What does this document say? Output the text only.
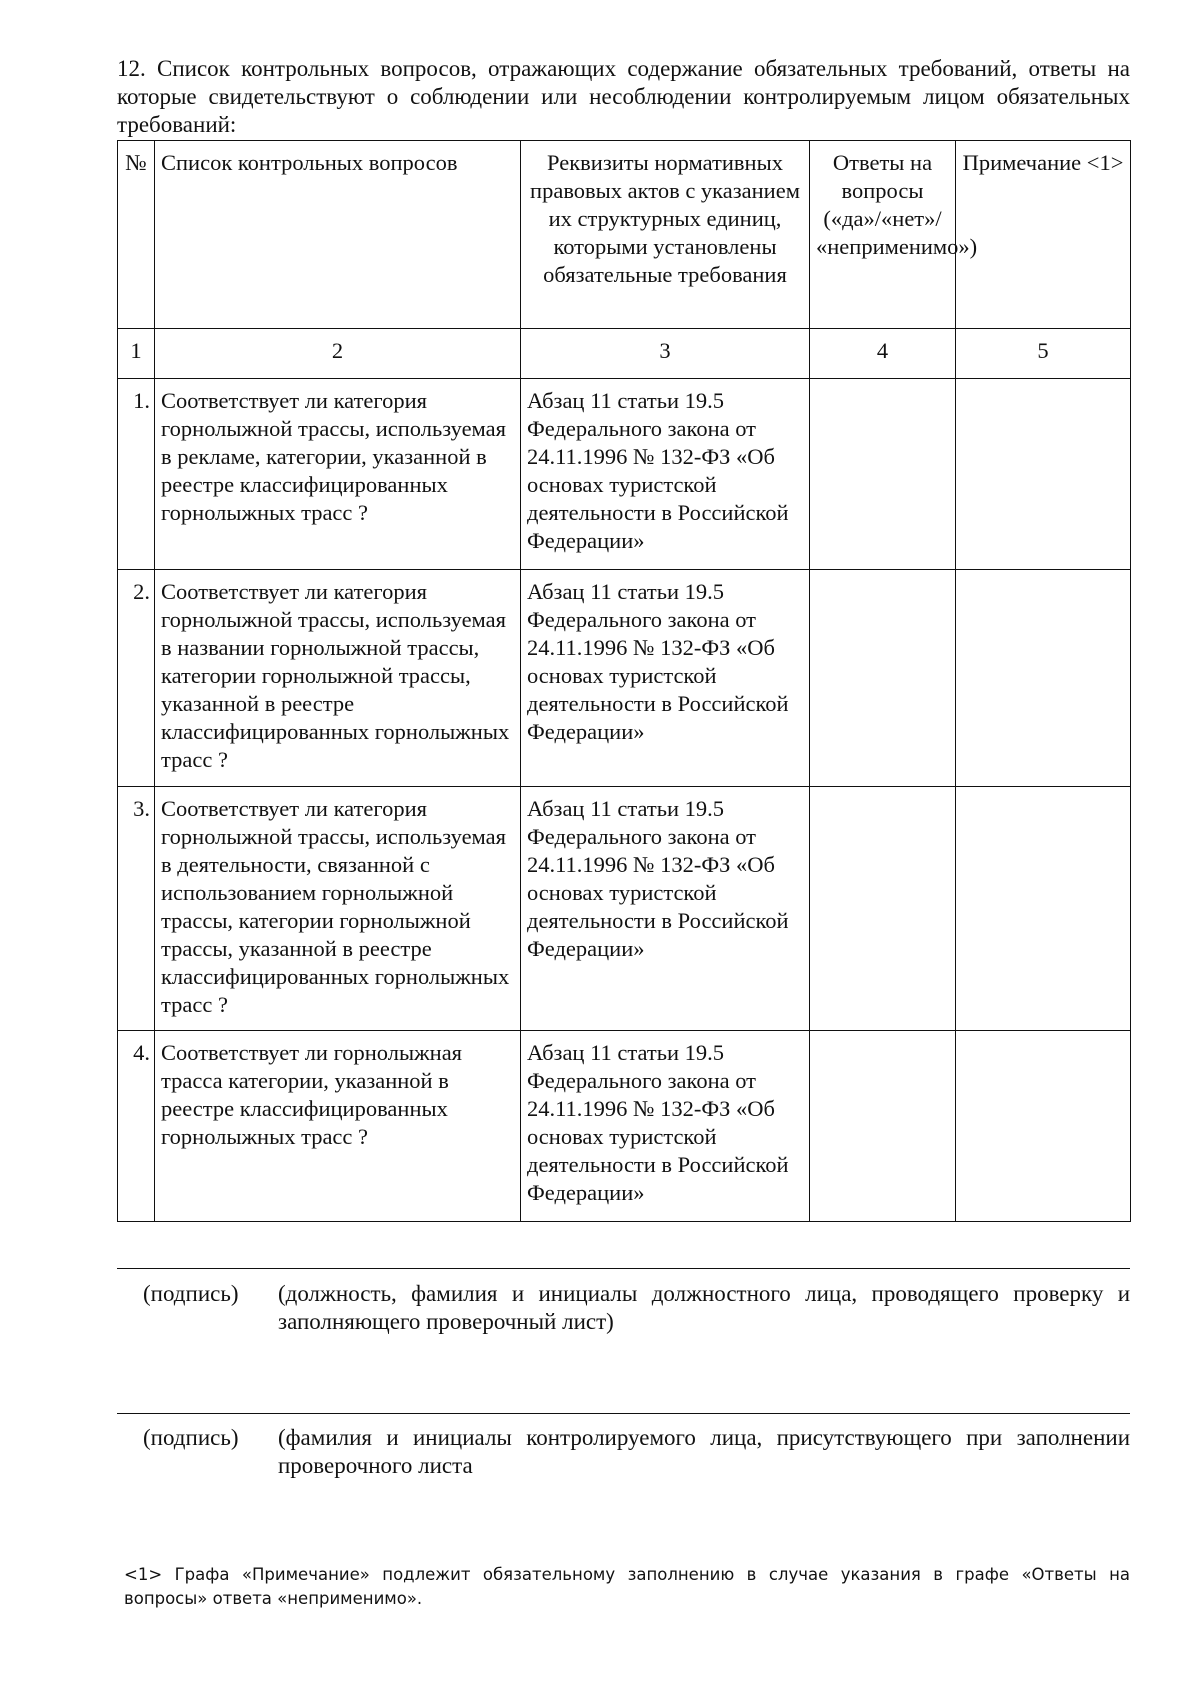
12. Список контрольных вопросов, отражающих содержание обязательных требований, ответы на которые свидетельствуют о соблюдении или несоблюдении контролируемым лицом обязательных требований:
№	Список контрольных вопросов	Реквизиты нормативных правовых актов с указанием их структурных единиц, которыми установлены обязательные требования	Ответы на вопросы («да»/«нет»/ «неприменимо»)	Примечание <1>
1	2	3	4	5
1.	Соответствует ли категория горнолыжной трассы, используемая в рекламе, категории, указанной в реестре классифицированных горнолыжных трасс ?	Абзац 11 статьи 19.5 Федерального закона от 24.11.1996 № 132-ФЗ «Об основах туристской деятельности в Российской Федерации»		
2.	Соответствует ли категория горнолыжной трассы, используемая в названии горнолыжной трассы, категории горнолыжной трассы, указанной в реестре классифицированных горнолыжных трасс ?	Абзац 11 статьи 19.5 Федерального закона от 24.11.1996 № 132-ФЗ «Об основах туристской деятельности в Российской Федерации»		
3.	Соответствует ли категория горнолыжной трассы, используемая в деятельности, связанной с использованием горнолыжной трассы, категории горнолыжной трассы, указанной в реестре классифицированных горнолыжных трасс ?	Абзац 11 статьи 19.5 Федерального закона от 24.11.1996 № 132-ФЗ «Об основах туристской деятельности в Российской Федерации»		
4.	Соответствует ли горнолыжная трасса категории, указанной в реестре классифицированных горнолыжных трасс ?	Абзац 11 статьи 19.5 Федерального закона от 24.11.1996 № 132-ФЗ «Об основах туристской деятельности в Российской Федерации»		
(подпись) (должность, фамилия и инициалы должностного лица, проводящего проверку и заполняющего проверочный лист)
(подпись) (фамилия и инициалы контролируемого лица, присутствующего при заполнении проверочного листа
<1> Графа «Примечание» подлежит обязательному заполнению в случае указания в графе «Ответы на вопросы» ответа «неприменимо».
